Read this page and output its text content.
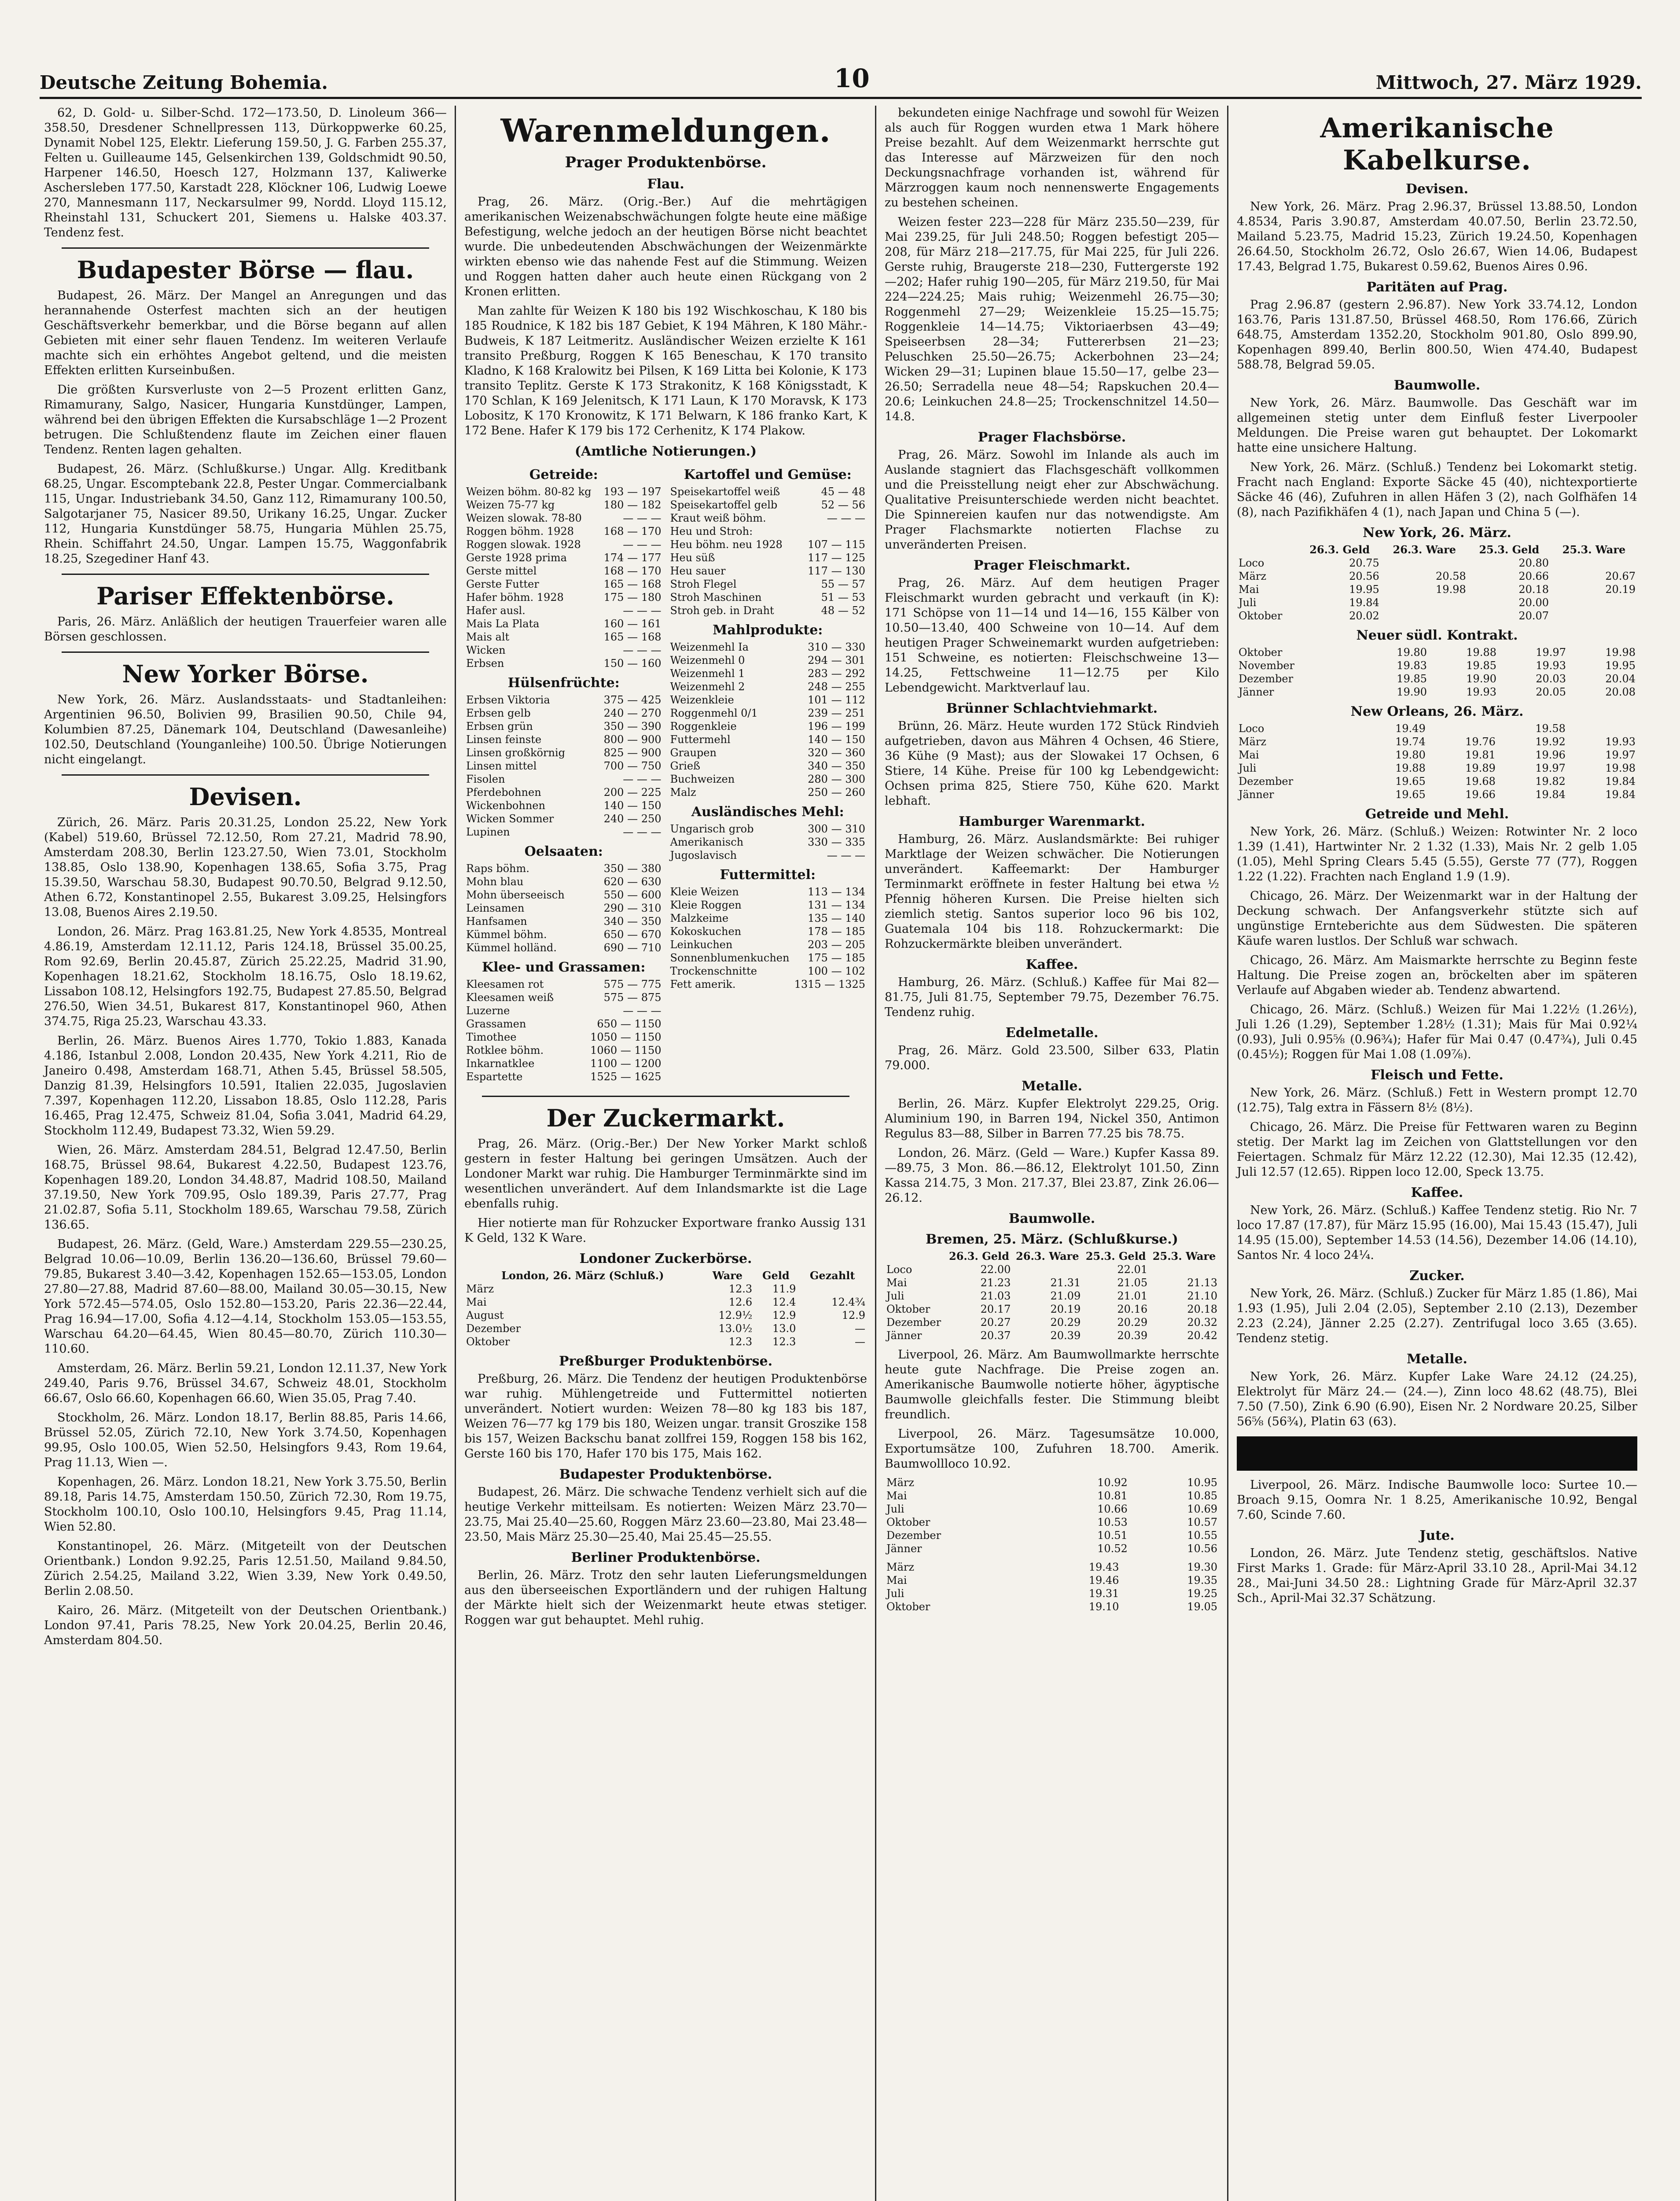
Deutsche Zeitung Bohemia.	10	Mittwoch, 27. März 1929.

62, D. Gold- u. Silber-Schd. 172—173.50, D. Linoleum 366—358.50, Dresdener Schnellpressen 113, Dürkoppwerke 60.25, Dynamit Nobel 125, Elektr. Lieferung 159.50, J. G. Farben 255.37, Felten u. Guilleaume 145, Gelsenkirchen 139, Goldschmidt 90.50, Harpener 146.50, Hoesch 127, Holzmann 137, Kaliwerke Aschersleben 177.50, Karstadt 228, Klöckner 106, Ludwig Loewe 270, Mannesmann 117, Neckarsulmer 99, Nordd. Lloyd 115.12, Rheinstahl 131, Schuckert 201, Siemens u. Halske 403.37. Tendenz fest.

Budapester Börse — flau.

Budapest, 26. März. Der Mangel an Anregungen und das herannahende Osterfest machten sich an der heutigen Geschäftsverkehr bemerkbar, und die Börse begann auf allen Gebieten mit einer sehr flauen Tendenz. Im weiteren Verlaufe machte sich ein erhöhtes Angebot geltend, und die meisten Effekten erlitten Kurseinbußen.

Die größten Kursverluste von 2—5 Prozent erlitten Ganz, Rimamurany, Salgo, Nasicer, Hungaria Kunstdünger, Lampen, während bei den übrigen Effekten die Kursabschläge 1—2 Prozent betrugen. Die Schlußtendenz flaute im Zeichen einer flauen Tendenz. Renten lagen gehalten.

Budapest, 26. März. (Schlußkurse.) Ungar. Allg. Kreditbank 68.25, Ungar. Escomptebank 22.8, Pester Ungar. Commercialbank 115, Ungar. Industriebank 34.50, Ganz 112, Rimamurany 100.50, Salgotarjaner 75, Nasicer 89.50, Urikany 16.25, Ungar. Zucker 112, Hungaria Kunstdünger 58.75, Hungaria Mühlen 25.75, Rhein. Schiffahrt 24.50, Ungar. Lampen 15.75, Waggonfabrik 18.25, Szegediner Hanf 43.

Pariser Effektenbörse.

Paris, 26. März. Anläßlich der heutigen Trauerfeier waren alle Börsen geschlossen.

New Yorker Börse.

New York, 26. März. Auslandsstaats- und Stadtanleihen: Argentinien 96.50, Bolivien 99, Brasilien 90.50, Chile 94, Kolumbien 87.25, Dänemark 104, Deutschland (Dawesanleihe) 102.50, Deutschland (Younganleihe) 100.50. Übrige Notierungen nicht eingelangt.

Devisen.

Zürich, 26. März. Paris 20.31.25, London 25.22, New York (Kabel) 519.60, Brüssel 72.12.50, Rom 27.21, Madrid 78.90, Amsterdam 208.30, Berlin 123.27.50, Wien 73.01, Stockholm 138.85, Oslo 138.90, Kopenhagen 138.65, Sofia 3.75, Prag 15.39.50, Warschau 58.30, Budapest 90.70.50, Belgrad 9.12.50, Athen 6.72, Konstantinopel 2.55, Bukarest 3.09.25, Helsingfors 13.08, Buenos Aires 2.19.50.

London, 26. März. Prag 163.81.25, New York 4.8535, Montreal 4.86.19, Amsterdam 12.11.12, Paris 124.18, Brüssel 35.00.25, Rom 92.69, Berlin 20.45.87, Zürich 25.22.25, Madrid 31.90, Kopenhagen 18.21.62, Stockholm 18.16.75, Oslo 18.19.62, Lissabon 108.12, Helsingfors 192.75, Budapest 27.85.50, Belgrad 276.50, Wien 34.51, Bukarest 817, Konstantinopel 960, Athen 374.75, Riga 25.23, Warschau 43.33.

Berlin, 26. März. Buenos Aires 1.770, Tokio 1.883, Kanada 4.186, Istanbul 2.008, London 20.435, New York 4.211, Rio de Janeiro 0.498, Amsterdam 168.71, Athen 5.45, Brüssel 58.505, Danzig 81.39, Helsingfors 10.591, Italien 22.035, Jugoslavien 7.397, Kopenhagen 112.20, Lissabon 18.85, Oslo 112.28, Paris 16.465, Prag 12.475, Schweiz 81.04, Sofia 3.041, Madrid 64.29, Stockholm 112.49, Budapest 73.32, Wien 59.29.

Wien, 26. März. Amsterdam 284.51, Belgrad 12.47.50, Berlin 168.75, Brüssel 98.64, Bukarest 4.22.50, Budapest 123.76, Kopenhagen 189.20, London 34.48.87, Madrid 108.50, Mailand 37.19.50, New York 709.95, Oslo 189.39, Paris 27.77, Prag 21.02.87, Sofia 5.11, Stockholm 189.65, Warschau 79.58, Zürich 136.65.

Budapest, 26. März. (Geld, Ware.) Amsterdam 229.55—230.25, Belgrad 10.06—10.09, Berlin 136.20—136.60, Brüssel 79.60—79.85, Bukarest 3.40—3.42, Kopenhagen 152.65—153.05, London 27.80—27.88, Madrid 87.60—88.00, Mailand 30.05—30.15, New York 572.45—574.05, Oslo 152.80—153.20, Paris 22.36—22.44, Prag 16.94—17.00, Sofia 4.12—4.14, Stockholm 153.05—153.55, Warschau 64.20—64.45, Wien 80.45—80.70, Zürich 110.30—110.60.

Amsterdam, 26. März. Berlin 59.21, London 12.11.37, New York 249.40, Paris 9.76, Brüssel 34.67, Schweiz 48.01, Stockholm 66.67, Oslo 66.60, Kopenhagen 66.60, Wien 35.05, Prag 7.40.

Stockholm, 26. März. London 18.17, Berlin 88.85, Paris 14.66, Brüssel 52.05, Zürich 72.10, New York 3.74.50, Kopenhagen 99.95, Oslo 100.05, Wien 52.50, Helsingfors 9.43, Rom 19.64, Prag 11.13, Wien —.

Kopenhagen, 26. März. London 18.21, New York 3.75.50, Berlin 89.18, Paris 14.75, Amsterdam 150.50, Zürich 72.30, Rom 19.75, Stockholm 100.10, Oslo 100.10, Helsingfors 9.45, Prag 11.14, Wien 52.80.

Konstantinopel, 26. März. (Mitgeteilt von der Deutschen Orientbank.) London 9.92.25, Paris 12.51.50, Mailand 9.84.50, Zürich 2.54.25, Mailand 3.22, Wien 3.39, New York 0.49.50, Berlin 2.08.50.

Kairo, 26. März. (Mitgeteilt von der Deutschen Orientbank.) London 97.41, Paris 78.25, New York 20.04.25, Berlin 20.46, Amsterdam 804.50.

Warenmeldungen.
Prager Produktenbörse.
Flau.

Prag, 26. März. (Orig.-Ber.) Auf die mehrtägigen amerikanischen Weizenabschwächungen folgte heute eine mäßige Befestigung, welche jedoch an der heutigen Börse nicht beachtet wurde. Die unbedeutenden Abschwächungen der Weizenmärkte wirkten ebenso wie das nahende Fest auf die Stimmung. Weizen und Roggen hatten daher auch heute einen Rückgang von 2 Kronen erlitten.

Man zahlte für Weizen K 180 bis 192 Wischkoschau, K 180 bis 185 Roudnice, K 182 bis 187 Gebiet, K 194 Mähren, K 180 Mähr.-Budweis, K 187 Leitmeritz. Ausländischer Weizen erzielte K 161 transito Preßburg, Roggen K 165 Beneschau, K 170 transito Kladno, K 168 Kralowitz bei Pilsen, K 169 Litta bei Kolonie, K 173 transito Teplitz. Gerste K 173 Strakonitz, K 168 Königsstadt, K 170 Schlan, K 169 Jelenitsch, K 171 Laun, K 170 Moravsk, K 173 Lobositz, K 170 Kronowitz, K 171 Belwarn, K 186 franko Kart, K 172 Bene. Hafer K 179 bis 172 Cerhenitz, K 174 Plakow.

(Amtliche Notierungen.)
Getreide:
Weizen böhm. 80-82 kg	193 — 197
Weizen 75-77 kg	180 — 182
Weizen slowak. 78-80	— — —
Roggen böhm. 1928	168 — 170
Roggen slowak. 1928	— — —
Gerste 1928 prima	174 — 177
Gerste mittel	168 — 170
Gerste Futter	165 — 168
Hafer böhm. 1928	175 — 180
Hafer ausl.	— — —
Mais La Plata	160 — 161
Mais alt	165 — 168
Wicken	— — —
Erbsen	150 — 160
Hülsenfrüchte:
Erbsen Viktoria	375 — 425
Erbsen gelb	240 — 270
Erbsen grün	350 — 390
Linsen feinste	800 — 900
Linsen großkörnig	825 — 900
Linsen mittel	700 — 750
Fisolen	— — —
Pferdebohnen	200 — 225
Wickenbohnen	140 — 150
Wicken Sommer	240 — 250
Lupinen	— — —
Oelsaaten:
Raps böhm.	350 — 380
Mohn blau	620 — 630
Mohn überseeisch	550 — 600
Leinsamen	290 — 310
Hanfsamen	340 — 350
Kümmel böhm.	650 — 670
Kümmel holländ.	690 — 710
Klee- und Grassamen:
Kleesamen rot	575 — 775
Kleesamen weiß	575 — 875
Luzerne	— — —
Grassamen	650 — 1150
Timothee	1050 — 1150
Rotklee böhm.	1060 — 1150
Inkarnatklee	1100 — 1200
Espartette	1525 — 1625
Kartoffel und Gemüse:
Speisekartoffel weiß	45 — 48
Speisekartoffel gelb	52 — 56
Kraut weiß böhm.	— — —
Heu und Stroh:	
Heu böhm. neu 1928	107 — 115
Heu süß	117 — 125
Heu sauer	117 — 130
Stroh Flegel	55 — 57
Stroh Maschinen	51 — 53
Stroh geb. in Draht	48 — 52
Mahlprodukte:
Weizenmehl Ia	310 — 330
Weizenmehl 0	294 — 301
Weizenmehl 1	283 — 292
Weizenmehl 2	248 — 255
Weizenkleie	101 — 112
Roggenmehl 0/1	239 — 251
Roggenkleie	196 — 199
Futtermehl	140 — 150
Graupen	320 — 360
Grieß	340 — 350
Buchweizen	280 — 300
Malz	250 — 260
Ausländisches Mehl:
Ungarisch grob	300 — 310
Amerikanisch	330 — 335
Jugoslavisch	— — —
Futtermittel:
Kleie Weizen	113 — 134
Kleie Roggen	131 — 134
Malzkeime	135 — 140
Kokoskuchen	178 — 185
Leinkuchen	203 — 205
Sonnenblumenkuchen	175 — 185
Trockenschnitte	100 — 102
Fett amerik.	1315 — 1325
Der Zuckermarkt.

Prag, 26. März. (Orig.-Ber.) Der New Yorker Markt schloß gestern in fester Haltung bei geringen Umsätzen. Auch der Londoner Markt war ruhig. Die Hamburger Terminmärkte sind im wesentlichen unverändert. Auf dem Inlandsmarkte ist die Lage ebenfalls ruhig.

Hier notierte man für Rohzucker Exportware franko Aussig 131 K Geld, 132 K Ware.

Londoner Zuckerbörse.
London, 26. März (Schluß.)	Ware	Geld	Gezahlt
März	12.3	11.9	
Mai	12.6	12.4	12.4¾
August	12.9½	12.9	12.9
Dezember	13.0½	13.0	—
Oktober	12.3	12.3	—
Preßburger Produktenbörse.

Preßburg, 26. März. Die Tendenz der heutigen Produktenbörse war ruhig. Mühlengetreide und Futtermittel notierten unverändert. Notiert wurden: Weizen 78—80 kg 183 bis 187, Weizen 76—77 kg 179 bis 180, Weizen ungar. transit Groszike 158 bis 157, Weizen Backschu banat zollfrei 159, Roggen 158 bis 162, Gerste 160 bis 170, Hafer 170 bis 175, Mais 162.

Budapester Produktenbörse.

Budapest, 26. März. Die schwache Tendenz verhielt sich auf die heutige Verkehr mitteilsam. Es notierten: Weizen März 23.70—23.75, Mai 25.40—25.60, Roggen März 23.60—23.80, Mai 23.48—23.50, Mais März 25.30—25.40, Mai 25.45—25.55.

Berliner Produktenbörse.

Berlin, 26. März. Trotz den sehr lauten Lieferungsmeldungen aus den überseeischen Exportländern und der ruhigen Haltung der Märkte hielt sich der Weizenmarkt heute etwas stetiger. Roggen war gut behauptet. Mehl ruhig.

bekundeten einige Nachfrage und sowohl für Weizen als auch für Roggen wurden etwa 1 Mark höhere Preise bezahlt. Auf dem Weizenmarkt herrschte gut das Interesse auf Märzweizen für den noch Deckungsnachfrage vorhanden ist, während für Märzroggen kaum noch nennenswerte Engagements zu bestehen scheinen.

Weizen fester 223—228 für März 235.50—239, für Mai 239.25, für Juli 248.50; Roggen befestigt 205—208, für März 218—217.75, für Mai 225, für Juli 226. Gerste ruhig, Braugerste 218—230, Futtergerste 192—202; Hafer ruhig 190—205, für März 219.50, für Mai 224—224.25; Mais ruhig; Weizenmehl 26.75—30; Roggenmehl 27—29; Weizenkleie 15.25—15.75; Roggenkleie 14—14.75; Viktoriaerbsen 43—49; Speiseerbsen 28—34; Futtererbsen 21—23; Peluschken 25.50—26.75; Ackerbohnen 23—24; Wicken 29—31; Lupinen blaue 15.50—17, gelbe 23—26.50; Serradella neue 48—54; Rapskuchen 20.4—20.6; Leinkuchen 24.8—25; Trockenschnitzel 14.50—14.8.

Prager Flachsbörse.

Prag, 26. März. Sowohl im Inlande als auch im Auslande stagniert das Flachsgeschäft vollkommen und die Preisstellung neigt eher zur Abschwächung. Qualitative Preisunterschiede werden nicht beachtet. Die Spinnereien kaufen nur das notwendigste. Am Prager Flachsmarkte notierten Flachse zu unveränderten Preisen.

Prager Fleischmarkt.

Prag, 26. März. Auf dem heutigen Prager Fleischmarkt wurden gebracht und verkauft (in K): 171 Schöpse von 11—14 und 14—16, 155 Kälber von 10.50—13.40, 400 Schweine von 10—14. Auf dem heutigen Prager Schweinemarkt wurden aufgetrieben: 151 Schweine, es notierten: Fleischschweine 13—14.25, Fettschweine 11—12.75 per Kilo Lebendgewicht. Marktverlauf lau.

Brünner Schlachtviehmarkt.

Brünn, 26. März. Heute wurden 172 Stück Rindvieh aufgetrieben, davon aus Mähren 4 Ochsen, 46 Stiere, 36 Kühe (9 Mast); aus der Slowakei 17 Ochsen, 6 Stiere, 14 Kühe. Preise für 100 kg Lebendgewicht: Ochsen prima 825, Stiere 750, Kühe 620. Markt lebhaft.

Hamburger Warenmarkt.

Hamburg, 26. März. Auslandsmärkte: Bei ruhiger Marktlage der Weizen schwächer. Die Notierungen unverändert. Kaffeemarkt: Der Hamburger Terminmarkt eröffnete in fester Haltung bei etwa ½ Pfennig höheren Kursen. Die Preise hielten sich ziemlich stetig. Santos superior loco 96 bis 102, Guatemala 104 bis 118. Rohzuckermarkt: Die Rohzuckermärkte bleiben unverändert.

Kaffee.

Hamburg, 26. März. (Schluß.) Kaffee für Mai 82—81.75, Juli 81.75, September 79.75, Dezember 76.75. Tendenz ruhig.

Edelmetalle.

Prag, 26. März. Gold 23.500, Silber 633, Platin 79.000.

Metalle.

Berlin, 26. März. Kupfer Elektrolyt 229.25, Orig. Aluminium 190, in Barren 194, Nickel 350, Antimon Regulus 83—88, Silber in Barren 77.25 bis 78.75.

London, 26. März. (Geld — Ware.) Kupfer Kassa 89.—89.75, 3 Mon. 86.—86.12, Elektrolyt 101.50, Zinn Kassa 214.75, 3 Mon. 217.37, Blei 23.87, Zink 26.06—26.12.

Baumwolle.
Bremen, 25. März. (Schlußkurse.)
	26.3. Geld	26.3. Ware	25.3. Geld	25.3. Ware
Loco	22.00		22.01	
Mai	21.23	21.31	21.05	21.13
Juli	21.03	21.09	21.01	21.10
Oktober	20.17	20.19	20.16	20.18
Dezember	20.27	20.29	20.29	20.32
Jänner	20.37	20.39	20.39	20.42

Liverpool, 26. März. Am Baumwollmarkte herrschte heute gute Nachfrage. Die Preise zogen an. Amerikanische Baumwolle notierte höher, ägyptische Baumwolle gleichfalls fester. Die Stimmung bleibt freundlich.

Liverpool, 26. März. Tagesumsätze 10.000, Exportumsätze 100, Zufuhren 18.700. Amerik. Baumwollloco 10.92.

März	10.92	10.95
Mai	10.81	10.85
Juli	10.66	10.69
Oktober	10.53	10.57
Dezember	10.51	10.55
Jänner	10.52	10.56
März	19.43	19.30
Mai	19.46	19.35
Juli	19.31	19.25
Oktober	19.10	19.05
Amerikanische Kabelkurse.
Devisen.

New York, 26. März. Prag 2.96.37, Brüssel 13.88.50, London 4.8534, Paris 3.90.87, Amsterdam 40.07.50, Berlin 23.72.50, Mailand 5.23.75, Madrid 15.23, Zürich 19.24.50, Kopenhagen 26.64.50, Stockholm 26.72, Oslo 26.67, Wien 14.06, Budapest 17.43, Belgrad 1.75, Bukarest 0.59.62, Buenos Aires 0.96.

Paritäten auf Prag.

Prag 2.96.87 (gestern 2.96.87). New York 33.74.12, London 163.76, Paris 131.87.50, Brüssel 468.50, Rom 176.66, Zürich 648.75, Amsterdam 1352.20, Stockholm 901.80, Oslo 899.90, Kopenhagen 899.40, Berlin 800.50, Wien 474.40, Budapest 588.78, Belgrad 59.05.

Baumwolle.

New York, 26. März. Baumwolle. Das Geschäft war im allgemeinen stetig unter dem Einfluß fester Liverpooler Meldungen. Die Preise waren gut behauptet. Der Lokomarkt hatte eine unsichere Haltung.

New York, 26. März. (Schluß.) Tendenz bei Lokomarkt stetig. Fracht nach England: Exporte Säcke 45 (40), nichtexportierte Säcke 46 (46), Zufuhren in allen Häfen 3 (2), nach Golfhäfen 14 (8), nach Pazifikhäfen 4 (1), nach Japan und China 5 (—).

New York, 26. März.
	26.3. Geld	26.3. Ware	25.3. Geld	25.3. Ware
Loco	20.75		20.80	
März	20.56	20.58	20.66	20.67
Mai	19.95	19.98	20.18	20.19
Juli	19.84		20.00	
Oktober	20.02		20.07	
Neuer südl. Kontrakt.
Oktober	19.80	19.88	19.97	19.98
November	19.83	19.85	19.93	19.95
Dezember	19.85	19.90	20.03	20.04
Jänner	19.90	19.93	20.05	20.08
New Orleans, 26. März.
Loco	19.49		19.58	
März	19.74	19.76	19.92	19.93
Mai	19.80	19.81	19.96	19.97
Juli	19.88	19.89	19.97	19.98
Dezember	19.65	19.68	19.82	19.84
Jänner	19.65	19.66	19.84	19.84
Getreide und Mehl.

New York, 26. März. (Schluß.) Weizen: Rotwinter Nr. 2 loco 1.39 (1.41), Hartwinter Nr. 2 1.32 (1.33), Mais Nr. 2 gelb 1.05 (1.05), Mehl Spring Clears 5.45 (5.55), Gerste 77 (77), Roggen 1.22 (1.22). Frachten nach England 1.9 (1.9).

Chicago, 26. März. Der Weizenmarkt war in der Haltung der Deckung schwach. Der Anfangsverkehr stützte sich auf ungünstige Ernteberichte aus dem Südwesten. Die späteren Käufe waren lustlos. Der Schluß war schwach.

Chicago, 26. März. Am Maismarkte herrschte zu Beginn feste Haltung. Die Preise zogen an, bröckelten aber im späteren Verlaufe auf Abgaben wieder ab. Tendenz abwartend.

Chicago, 26. März. (Schluß.) Weizen für Mai 1.22½ (1.26½), Juli 1.26 (1.29), September 1.28½ (1.31); Mais für Mai 0.92¼ (0.93), Juli 0.95⅝ (0.96¾); Hafer für Mai 0.47 (0.47¾), Juli 0.45 (0.45½); Roggen für Mai 1.08 (1.09⅞).

Fleisch und Fette.

New York, 26. März. (Schluß.) Fett in Western prompt 12.70 (12.75), Talg extra in Fässern 8½ (8½).

Chicago, 26. März. Die Preise für Fettwaren waren zu Beginn stetig. Der Markt lag im Zeichen von Glattstellungen vor den Feiertagen. Schmalz für März 12.22 (12.30), Mai 12.35 (12.42), Juli 12.57 (12.65). Rippen loco 12.00, Speck 13.75.

Kaffee.

New York, 26. März. (Schluß.) Kaffee Tendenz stetig. Rio Nr. 7 loco 17.87 (17.87), für März 15.95 (16.00), Mai 15.43 (15.47), Juli 14.95 (15.00), September 14.53 (14.56), Dezember 14.06 (14.10), Santos Nr. 4 loco 24¼.

Zucker.

New York, 26. März. (Schluß.) Zucker für März 1.85 (1.86), Mai 1.93 (1.95), Juli 2.04 (2.05), September 2.10 (2.13), Dezember 2.23 (2.24), Jänner 2.25 (2.27). Zentrifugal loco 3.65 (3.65). Tendenz stetig.

Metalle.

New York, 26. März. Kupfer Lake Ware 24.12 (24.25), Elektrolyt für März 24.— (24.—), Zinn loco 48.62 (48.75), Blei 7.50 (7.50), Zink 6.90 (6.90), Eisen Nr. 2 Nordware 20.25, Silber 56⅝ (56¾), Platin 63 (63).

Liverpool, 26. März. Indische Baumwolle loco: Surtee 10.— Broach 9.15, Oomra Nr. 1 8.25, Amerikanische 10.92, Bengal 7.60, Scinde 7.60.

Jute.

London, 26. März. Jute Tendenz stetig, geschäftslos. Native First Marks 1. Grade: für März-April 33.10 28., April-Mai 34.12 28., Mai-Juni 34.50 28.: Lightning Grade für März-April 32.37 Sch., April-Mai 32.37 Schätzung.
